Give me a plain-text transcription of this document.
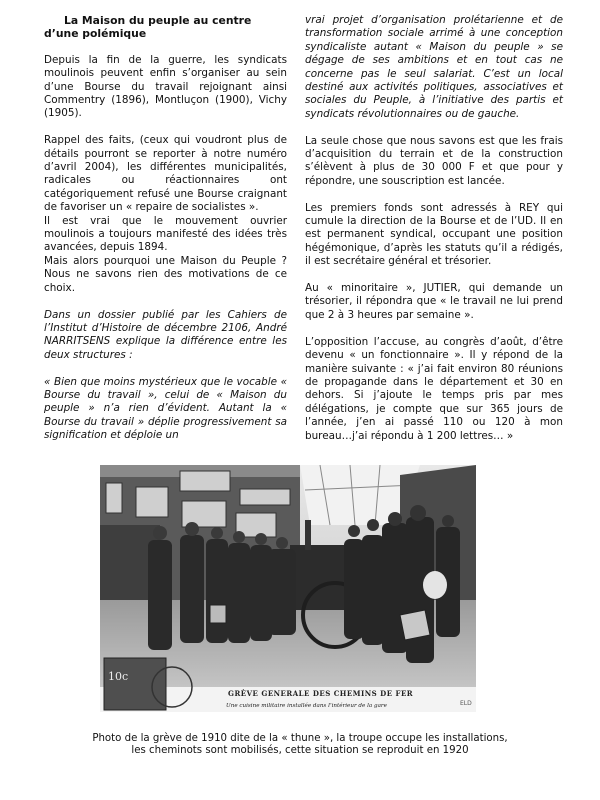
La Maison du peuple au centre
d’une polémique

Depuis la fin de la guerre, les syndicats moulinois peuvent enfin s’organiser au sein d’une Bourse du travail rejoignant ainsi Commentry (1896), Montluçon (1900), Vichy (1905).

Rappel des faits, (ceux qui voudront plus de détails pourront se reporter à notre numéro d’avril 2004), les différentes municipalités, radicales ou réactionnaires ont catégoriquement refusé une Bourse craignant de favoriser un « repaire de socialistes ».

Il est vrai que le mouvement ouvrier moulinois a toujours manifesté des idées très avancées, depuis 1894.

Mais alors pourquoi une Maison du Peuple ? Nous ne savons rien des motivations de ce choix.

Dans un dossier publié par les Cahiers de l’Institut d’Histoire de décembre 2106, André NARRITSENS explique la différence entre les deux structures :

« Bien que moins mystérieux que le vocable « Bourse du travail », celui de « Maison du peuple » n’a rien d’évident. Autant la « Bourse du travail » déplie progressivement sa signification et déploie un

vrai projet d’organisation prolétarienne et de transformation sociale arrimé à une conception syndicaliste autant « Maison du peuple » se dégage de ses ambitions et en tout cas ne concerne pas le seul salariat. C’est un local destiné aux activités politiques, associatives et sociales du Peuple, à l’initiative des partis et syndicats révolutionnaires ou de gauche.

La seule chose que nous savons est que les frais d’acquisition du terrain et de la construction s’élèvent à plus de 30 000 F et que pour y répondre, une souscription est lancée.

Les premiers fonds sont adressés à REY qui cumule la direction de la Bourse et de l’UD. Il en est permanent syndical, occupant une position hégémonique, d’après les statuts qu’il a rédigés, il est secrétaire général et trésorier.

Au « minoritaire », JUTIER, qui demande un trésorier, il répondra que « le travail ne lui prend que 2 à 3 heures par semaine ».

L’opposition l’accuse, au congrès d’août, d’être devenu « un fonctionnaire ». Il y répond de la manière suivante : « j’ai fait environ 80 réunions de propagande dans le département et 30 en dehors. Si j’ajoute le temps pris par mes délégations, je compte que sur 365 jours de l’année, j’en ai passé 110 ou 120 à mon bureau…j’ai répondu à 1 200 lettres… »

10c
GRÈVE GENERALE DES CHEMINS DE FER
Une cuisine militaire installée dans l’intérieur de la gare	ELD
Photo de la grève de 1910 dite de la « thune », la troupe occupe les installations, les cheminots sont mobilisés, cette situation se reproduit en 1920
